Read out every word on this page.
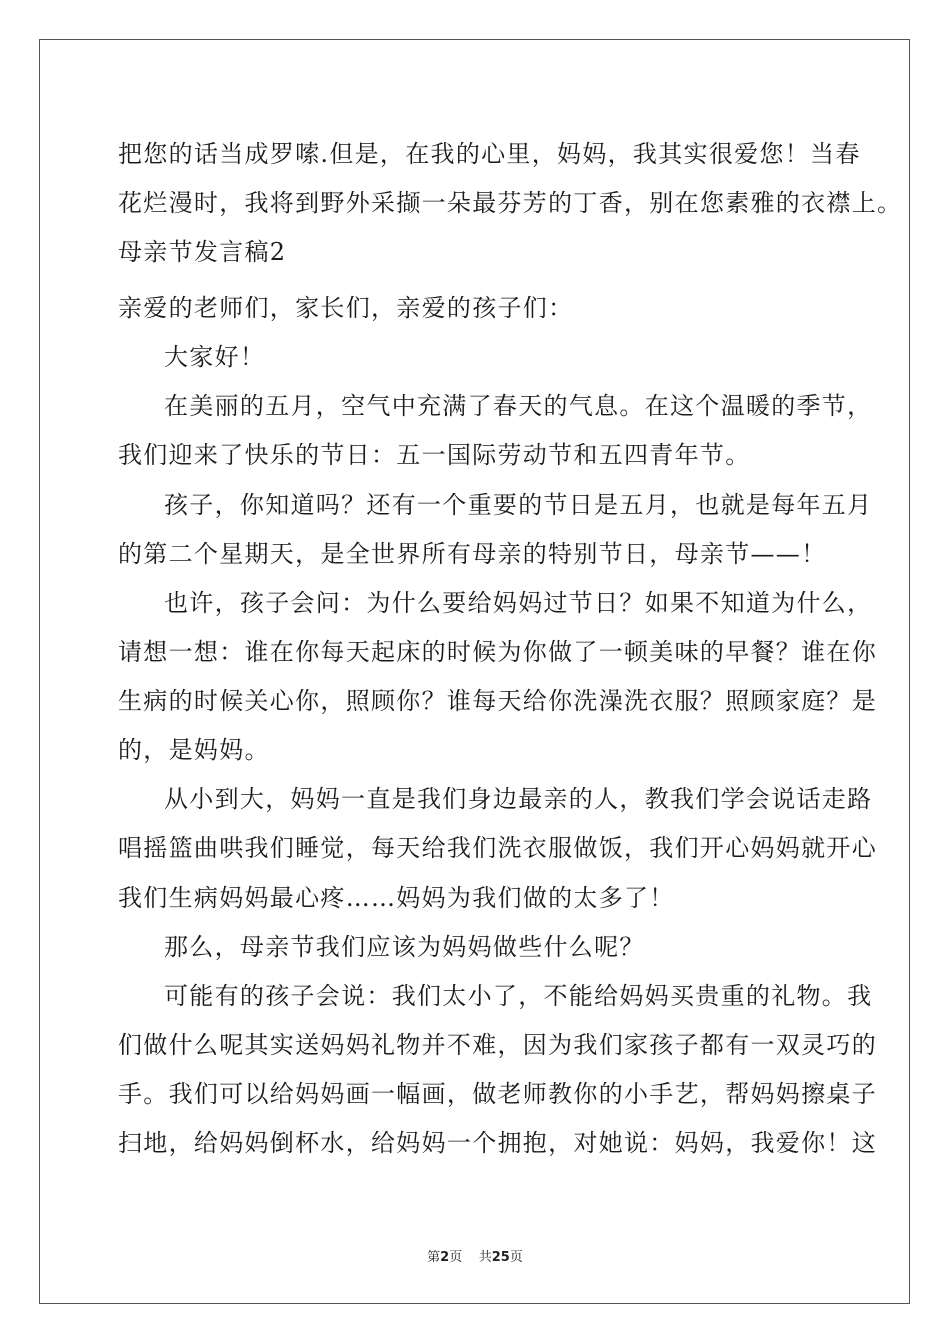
把您的话当成罗嗦.但是，在我的心里，妈妈，我其实很爱您！当春
花烂漫时，我将到野外采撷一朵最芬芳的丁香，别在您素雅的衣襟上。
母亲节发言稿2
亲爱的老师们，家长们，亲爱的孩子们：
大家好！
在美丽的五月，空气中充满了春天的气息。在这个温暖的季节，
我们迎来了快乐的节日：五一国际劳动节和五四青年节。
孩子，你知道吗？还有一个重要的节日是五月，也就是每年五月
的第二个星期天，是全世界所有母亲的特别节日，母亲节——！
也许，孩子会问：为什么要给妈妈过节日？如果不知道为什么，
请想一想：谁在你每天起床的时候为你做了一顿美味的早餐？谁在你
生病的时候关心你，照顾你？谁每天给你洗澡洗衣服？照顾家庭？是
的，是妈妈。
从小到大，妈妈一直是我们身边最亲的人，教我们学会说话走路
唱摇篮曲哄我们睡觉，每天给我们洗衣服做饭，我们开心妈妈就开心
我们生病妈妈最心疼……妈妈为我们做的太多了！
那么，母亲节我们应该为妈妈做些什么呢？
可能有的孩子会说：我们太小了，不能给妈妈买贵重的礼物。我
们做什么呢其实送妈妈礼物并不难，因为我们家孩子都有一双灵巧的
手。我们可以给妈妈画一幅画，做老师教你的小手艺，帮妈妈擦桌子
扫地，给妈妈倒杯水，给妈妈一个拥抱，对她说：妈妈，我爱你！这
第2页 共25页
